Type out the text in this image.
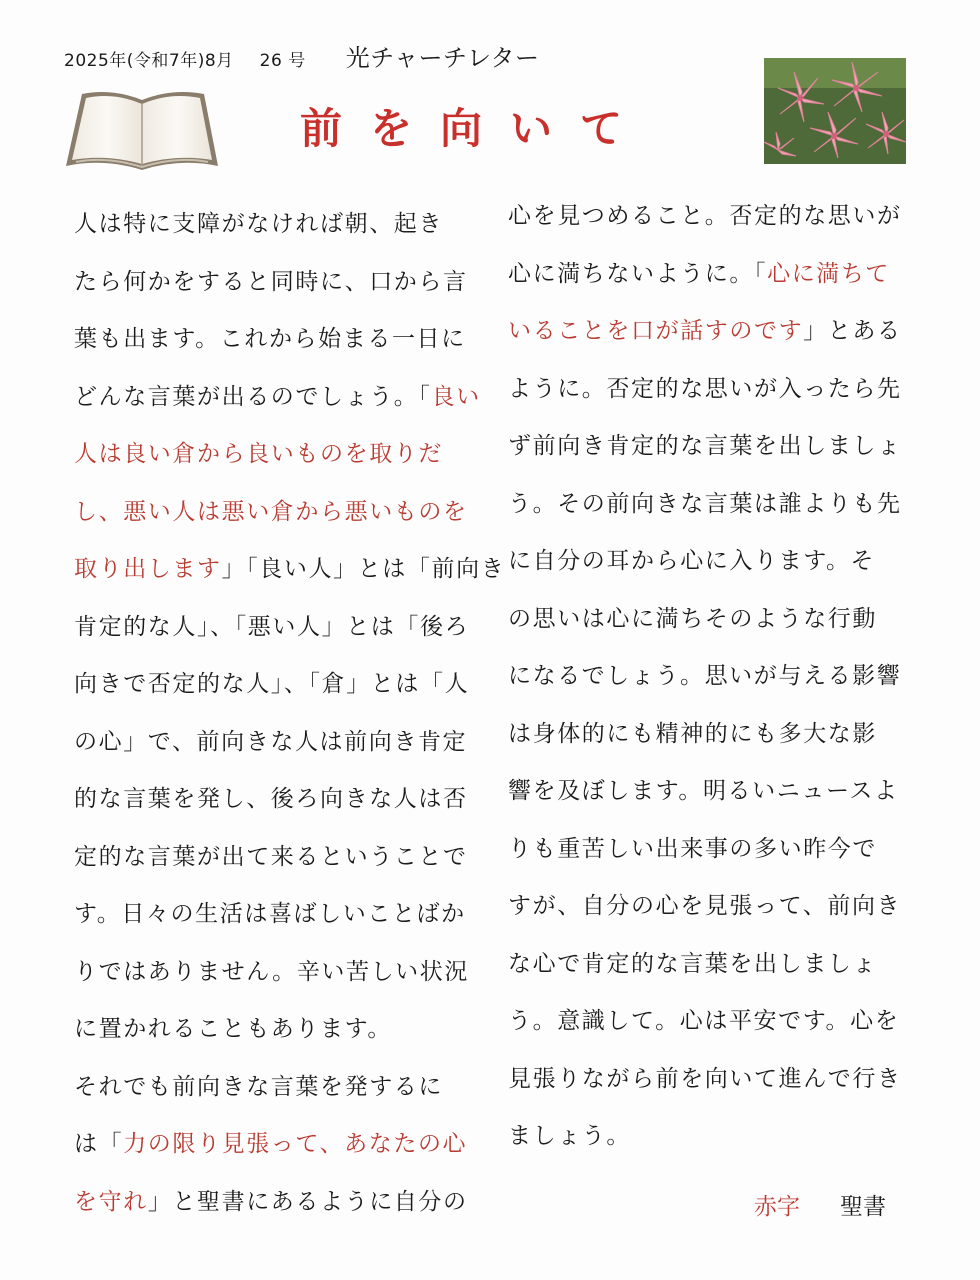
2025年(令和7年)8月 26 号 光チャーチレター
前を向いて
人は特に支障がなければ朝、起き
たら何かをすると同時に、口から言
葉も出ます。これから始まる一日に
どんな言葉が出るのでしょう。「良い
人は良い倉から良いものを取りだ
し、悪い人は悪い倉から悪いものを
取り出します」「良い人」とは「前向き
肯定的な人」、「悪い人」とは「後ろ
向きで否定的な人」、「倉」とは「人
の心」で、前向きな人は前向き肯定
的な言葉を発し、後ろ向きな人は否
定的な言葉が出て来るということで
す。日々の生活は喜ばしいことばか
りではありません。辛い苦しい状況
に置かれることもあります。
それでも前向きな言葉を発するに
は「力の限り見張って、あなたの心
を守れ」と聖書にあるように自分の
心を見つめること。否定的な思いが
心に満ちないように。「心に満ちて
いることを口が話すのです」とある
ように。否定的な思いが入ったら先
ず前向き肯定的な言葉を出しましょ
う。その前向きな言葉は誰よりも先
に自分の耳から心に入ります。そ
の思いは心に満ちそのような行動
になるでしょう。思いが与える影響
は身体的にも精神的にも多大な影
響を及ぼします。明るいニュースよ
りも重苦しい出来事の多い昨今で
すが、自分の心を見張って、前向き
な心で肯定的な言葉を出しましょ
う。意識して。心は平安です。心を
見張りながら前を向いて進んで行き
ましょう。
赤字 聖書
